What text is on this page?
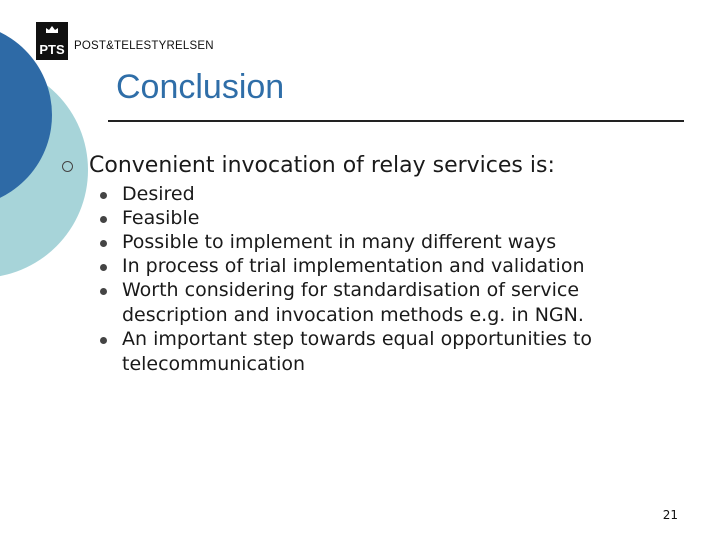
PTS POST&TELESTYRELSEN
Conclusion
Convenient invocation of relay services is:
Desired
Feasible
Possible to implement in many different ways
In process of trial implementation and validation
Worth considering for standardisation of service description and invocation methods e.g. in NGN.
An important step towards equal opportunities to telecommunication
21
